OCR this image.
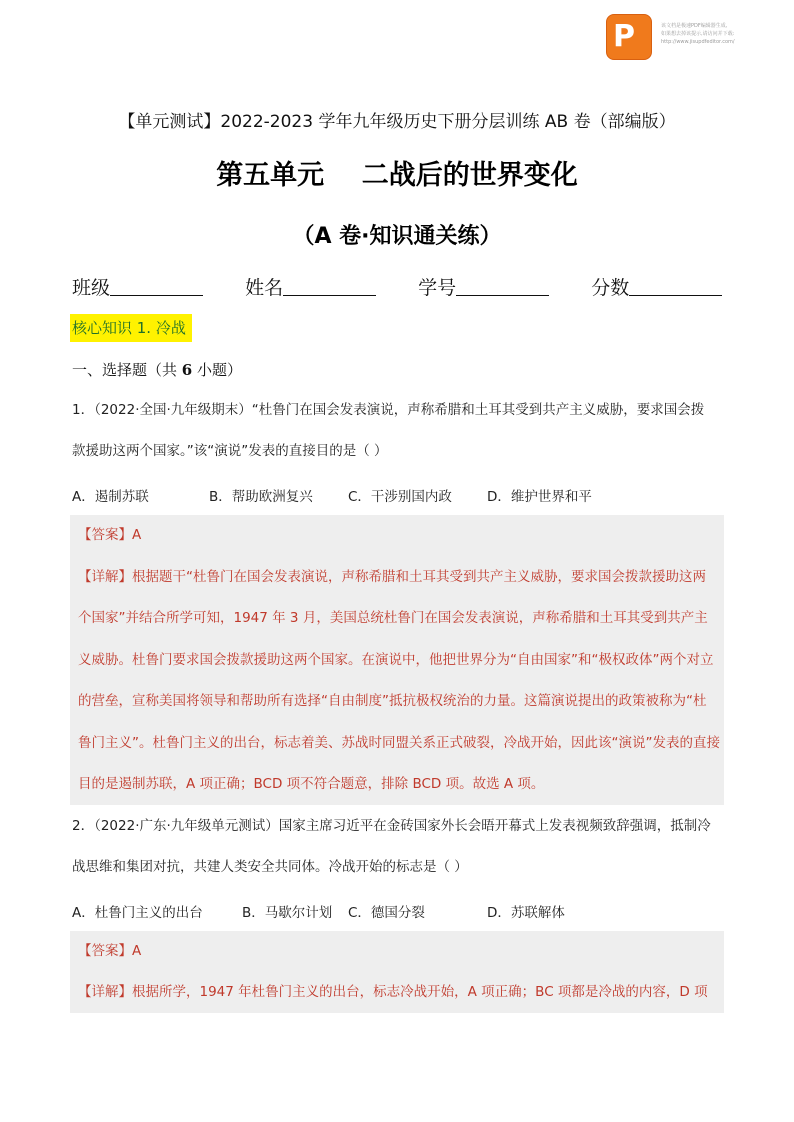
P	该文档是极速PDF编辑器生成,
如果想去掉该提示,请访问并下载:
http://www.jisupdfeditor.com/
【单元测试】2022-2023 学年九年级历史下册分层训练 AB 卷（部编版）
第五单元    二战后的世界变化
（A 卷·知识通关练）
班级	姓名	学号	分数
核心知识 1. 冷战
一、选择题（共 6 小题）
1．（2022·全国·九年级期末）“杜鲁门在国会发表演说，声称希腊和土耳其受到共产主义威胁，要求国会拨
款援助这两个国家。”该“演说”发表的直接目的是（ ）
A．遏制苏联	B．帮助欧洲复兴	C．干涉别国内政	D．维护世界和平
【答案】A
【详解】根据题干“杜鲁门在国会发表演说，声称希腊和土耳其受到共产主义威胁，要求国会拨款援助这两
个国家”并结合所学可知，1947 年 3 月，美国总统杜鲁门在国会发表演说，声称希腊和土耳其受到共产主
义威胁。杜鲁门要求国会拨款援助这两个国家。在演说中，他把世界分为“自由国家”和“极权政体”两个对立
的营垒，宣称美国将领导和帮助所有选择“自由制度”抵抗极权统治的力量。这篇演说提出的政策被称为“杜
鲁门主义”。杜鲁门主义的出台，标志着美、苏战时同盟关系正式破裂，冷战开始，因此该“演说”发表的直接
目的是遏制苏联，A 项正确；BCD 项不符合题意，排除 BCD 项。故选 A 项。
2．（2022·广东·九年级单元测试）国家主席习近平在金砖国家外长会晤开幕式上发表视频致辞强调，抵制冷
战思维和集团对抗，共建人类安全共同体。冷战开始的标志是（ ）
A．杜鲁门主义的出台	B．马歇尔计划 C．德国分裂	D．苏联解体
【答案】A
【详解】根据所学，1947 年杜鲁门主义的出台，标志冷战开始，A 项正确；BC 项都是冷战的内容，D 项
